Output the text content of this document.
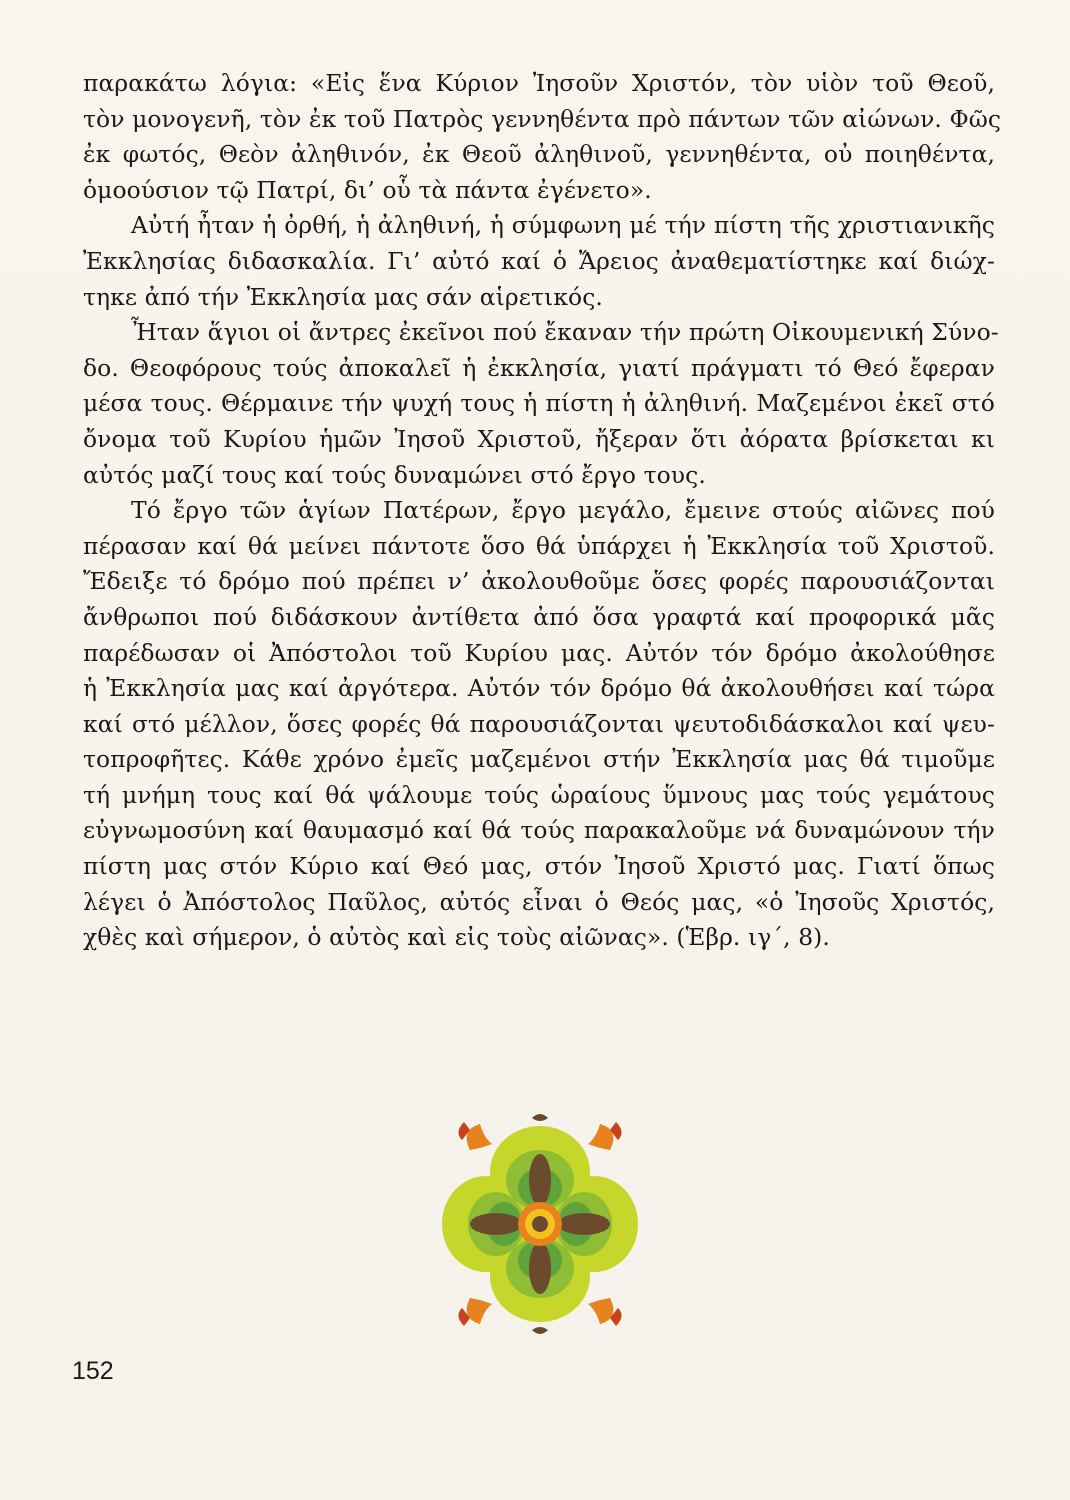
παρακάτω λόγια: «Εἰς ἕνα Κύριον Ἰησοῦν Χριστόν, τὸν υἱὸν τοῦ Θεοῦ,
τὸν μονογενῆ, τὸν ἐκ τοῦ Πατρὸς γεννηθέντα πρὸ πάντων τῶν αἰώνων. Φῶς
ἐκ φωτός, Θεὸν ἀληθινόν, ἐκ Θεοῦ ἀληθινοῦ, γεννηθέντα, οὐ ποιηθέντα,
ὁμοούσιον τῷ Πατρί, δι’ οὗ τὰ πάντα ἐγένετο».
Αὐτή ἦταν ἡ ὀρθή, ἡ ἀληθινή, ἡ σύμφωνη μέ τήν πίστη τῆς χριστιανικῆς
Ἐκκλησίας διδασκαλία. Γι’ αὐτό καί ὁ Ἄρειος ἀναθεματίστηκε καί διώχ-
τηκε ἀπό τήν Ἐκκλησία μας σάν αἱρετικός.
Ἦταν ἅγιοι οἱ ἄντρες ἐκεῖνοι πού ἔκαναν τήν πρώτη Οἰκουμενική Σύνο-
δο. Θεοφόρους τούς ἀποκαλεῖ ἡ ἐκκλησία, γιατί πράγματι τό Θεό ἔφεραν
μέσα τους. Θέρμαινε τήν ψυχή τους ἡ πίστη ἡ ἀληθινή. Μαζεμένοι ἐκεῖ στό
ὄνομα τοῦ Κυρίου ἡμῶν Ἰησοῦ Χριστοῦ, ἤξεραν ὅτι ἀόρατα βρίσκεται κι
αὐτός μαζί τους καί τούς δυναμώνει στό ἔργο τους.
Τό ἔργο τῶν ἁγίων Πατέρων, ἔργο μεγάλο, ἔμεινε στούς αἰῶνες πού
πέρασαν καί θά μείνει πάντοτε ὅσο θά ὑπάρχει ἡ Ἐκκλησία τοῦ Χριστοῦ.
Ἔδειξε τό δρόμο πού πρέπει ν’ ἀκολουθοῦμε ὅσες φορές παρουσιάζονται
ἄνθρωποι πού διδάσκουν ἀντίθετα ἀπό ὅσα γραφτά καί προφορικά μᾶς
παρέδωσαν οἱ Ἀπόστολοι τοῦ Κυρίου μας. Αὐτόν τόν δρόμο ἀκολούθησε
ἡ Ἐκκλησία μας καί ἀργότερα. Αὐτόν τόν δρόμο θά ἀκολουθήσει καί τώρα
καί στό μέλλον, ὅσες φορές θά παρουσιάζονται ψευτοδιδάσκαλοι καί ψευ-
τοπροφῆτες. Κάθε χρόνο ἐμεῖς μαζεμένοι στήν Ἐκκλησία μας θά τιμοῦμε
τή μνήμη τους καί θά ψάλουμε τούς ὡραίους ὕμνους μας τούς γεμάτους
εὐγνωμοσύνη καί θαυμασμό καί θά τούς παρακαλοῦμε νά δυναμώνουν τήν
πίστη μας στόν Κύριο καί Θεό μας, στόν Ἰησοῦ Χριστό μας. Γιατί ὅπως
λέγει ὁ Ἀπόστολος Παῦλος, αὐτός εἶναι ὁ Θεός μας, «ὁ Ἰησοῦς Χριστός,
χθὲς καὶ σήμερον, ὁ αὐτὸς καὶ εἰς τοὺς αἰῶνας». (Ἑβρ. ιγ΄, 8).
152
